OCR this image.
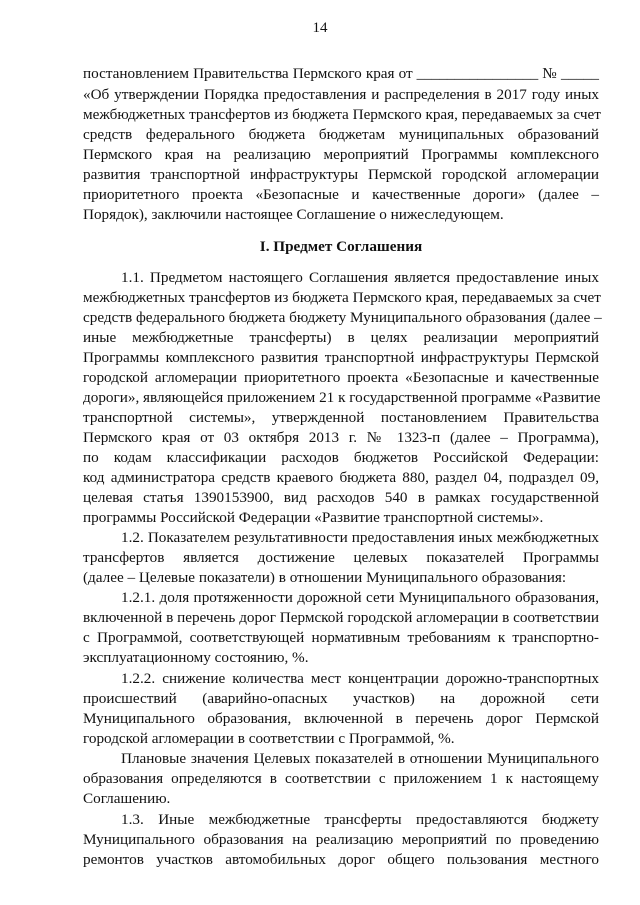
14
постановлением Правительства Пермского края от ________________ № _____
«Об утверждении Порядка предоставления и распределения в 2017 году иных
межбюджетных трансфертов из бюджета Пермского края, передаваемых за счет
средств федерального бюджета бюджетам муниципальных образований
Пермского края на реализацию мероприятий Программы комплексного
развития транспортной инфраструктуры Пермской городской агломерации
приоритетного проекта «Безопасные и качественные дороги» (далее –
Порядок), заключили настоящее Соглашение о нижеследующем.
I. Предмет Соглашения
1.1. Предметом настоящего Соглашения является предоставление иных
межбюджетных трансфертов из бюджета Пермского края, передаваемых за счет
средств федерального бюджета бюджету Муниципального образования (далее –
иные межбюджетные трансферты) в целях реализации мероприятий
Программы комплексного развития транспортной инфраструктуры Пермской
городской агломерации приоритетного проекта «Безопасные и качественные
дороги», являющейся приложением 21 к государственной программе «Развитие
транспортной системы», утвержденной постановлением Правительства
Пермского края от 03 октября 2013 г. № 1323-п (далее – Программа),
по кодам классификации расходов бюджетов Российской Федерации:
код администратора средств краевого бюджета 880, раздел 04, подраздел 09,
целевая статья 1390153900, вид расходов 540 в рамках государственной
программы Российской Федерации «Развитие транспортной системы».
1.2. Показателем результативности предоставления иных межбюджетных
трансфертов является достижение целевых показателей Программы
(далее – Целевые показатели) в отношении Муниципального образования:
1.2.1. доля протяженности дорожной сети Муниципального образования,
включенной в перечень дорог Пермской городской агломерации в соответствии
с Программой, соответствующей нормативным требованиям к транспортно-
эксплуатационному состоянию, %.
1.2.2. снижение количества мест концентрации дорожно-транспортных
происшествий (аварийно-опасных участков) на дорожной сети
Муниципального образования, включенной в перечень дорог Пермской
городской агломерации в соответствии с Программой, %.
Плановые значения Целевых показателей в отношении Муниципального
образования определяются в соответствии с приложением 1 к настоящему
Соглашению.
1.3. Иные межбюджетные трансферты предоставляются бюджету
Муниципального образования на реализацию мероприятий по проведению
ремонтов участков автомобильных дорог общего пользования местного
